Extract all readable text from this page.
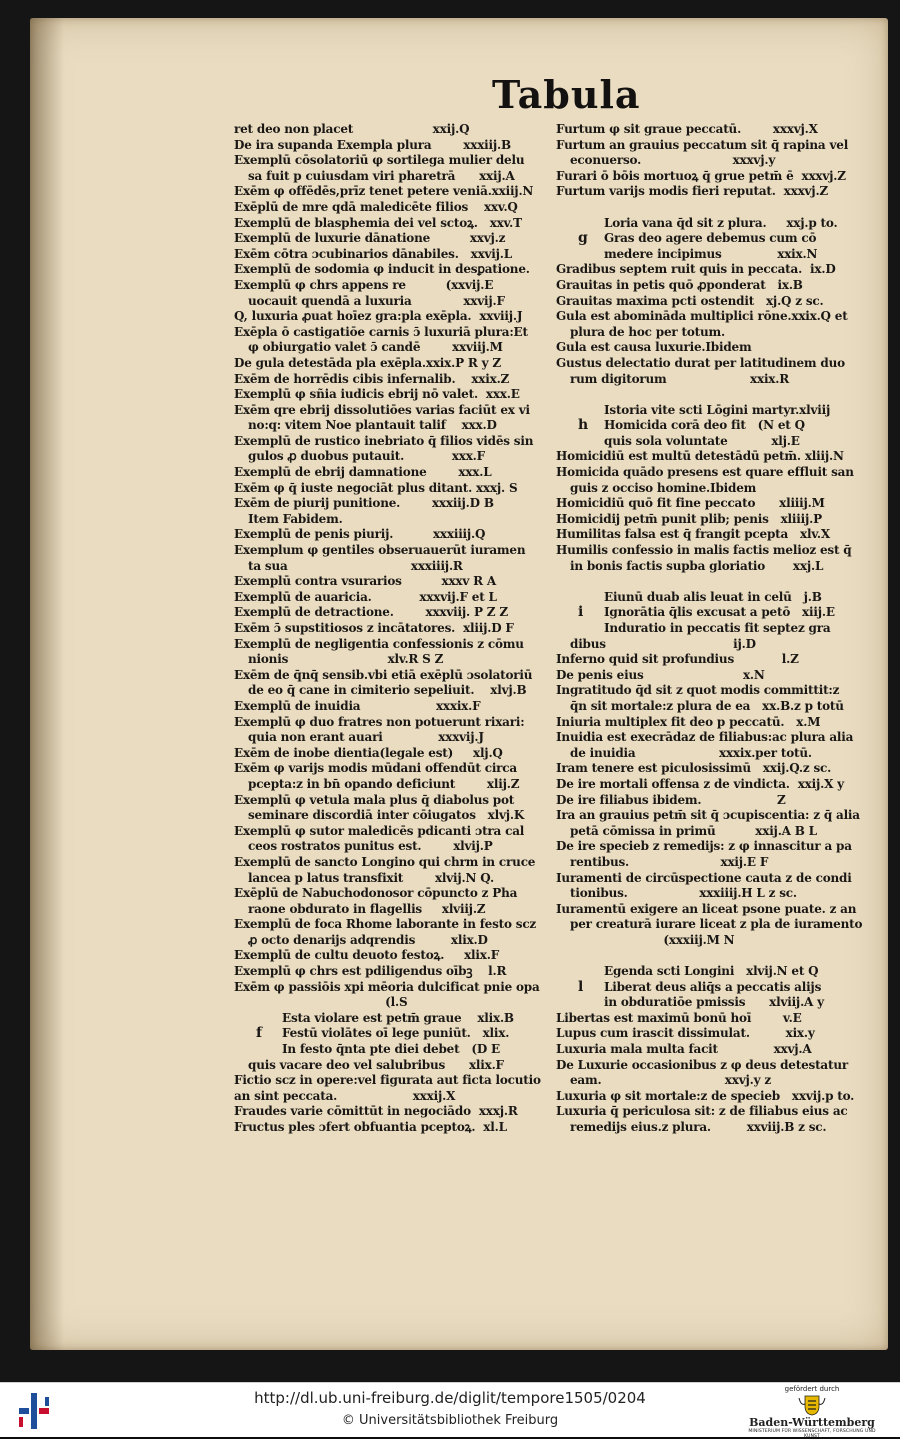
Tabula
ret deo non placet                    xxij.Q
De ira supanda Exempla plura        xxxiij.B
Exemplū cōsolatoriū φ sortilega mulier delu
sa fuit p cuiusdam viri pharetrā      xxij.A
Exēm φ offēdēs,prīz tenet petere veniā.xxiij.N
Exēplū de mre qdā maledicēte filios    xxv.Q
Exemplū de blasphemia dei vel sctoꝝ.   xxv.T
Exemplū de luxurie dānatione          xxvj.z
Exēm cōtra ɔcubinarios dānabiles.   xxvij.L
Exemplū de sodomia φ inducit in desꝑatione.
Exemplū φ chrs appens re          (xxvij.E
uocauit quendā a luxuria             xxvij.F
Q, luxuria ꝓuat hoīez gra:pla exēpla.  xxviij.J
Exēpla ō castigatiōe carnis ɔ̄ luxuriā plura:Et
φ obiurgatio valet ɔ̄ candē        xxviij.M
De gula detestāda pla exēpla.xxix.P R y Z
Exēm de horrēdis cibis infernalib.    xxix.Z
Exemplū φ sñia iudicis ebrij nō valet.  xxx.E
Exēm qre ebrij dissolutiōes varias faciūt ex vi
no:q: vitem Noe plantauit talif    xxx.D
Exemplū de rustico inebriato q̄ filios vidēs sin
gulos ꝓ duobus putauit.            xxx.F
Exemplū de ebrij damnatione        xxx.L
Exēm φ q̄ iuste negociāt plus ditant. xxxj. S
Exēm de piurij punitione.        xxxiij.D B
Item Fabidem.
Exemplū de penis piurij.          xxxiiij.Q
Exemplum φ gentiles obseruauerūt iuramen
ta sua                               xxxiiij.R
Exemplū contra vsurarios          xxxv R A
Exemplū de auaricia.            xxxvij.F et L
Exemplū de detractione.        xxxviij. P Z Z
Exēm ɔ̄ supstitiosos z incātatores.  xliij.D F
Exemplū de negligentia confessionis z cōmu
nionis                         xlv.R S Z
Exēm de q̄nq̄ sensib.vbi etiā exēplū ɔsolatoriū
de eo q̄ cane in cimiterio sepeliuit.    xlvj.B
Exemplū de inuidia                   xxxix.F
Exemplū φ duo fratres non potuerunt rixari:
quia non erant auari              xxxvij.J
Exēm de inobe dientia(legale est)     xlj.Q
Exēm φ varijs modis mūdani offendūt circa
pcepta:z in bn̄ opando deficiunt        xlij.Z
Exemplū φ vetula mala plus q̄ diabolus pot
seminare discordiā inter cōiugatos   xlvj.K
Exemplū φ sutor maledicēs pdicanti ɔtra cal
ceos rostratos punitus est.        xlvij.P
Exemplū de sancto Longino qui chrm in cruce
lancea p latus transfixit        xlvij.N Q.
Exēplū de Nabuchodonosor cōpuncto z Pha
raone obdurato in flagellis     xlviij.Z
Exemplū de foca Rhome laborante in festo scz
ꝓ octo denarijs adqrendis         xlix.D
Exemplū de cultu deuoto festoꝝ.     xlix.F
Exemplū φ chrs est pdiligendus oībꝫ    l.R
Exēm φ passiōis xpi mēoria dulcificat pnie opa
(l.S
Esta violare est petm̄ graue    xlix.B
f Festū violātes oī lege puniūt.   xlix.
In festo q̄nta pte diei debet   (D E
quis vacare deo vel salubribus      xlix.F
Fictio scz in opere:vel figurata aut ficta locutio
an sint peccata.                   xxxij.X
Fraudes varie cōmittūt in negociādo  xxxj.R
Fructus ples ɔfert obfuantia pceptoꝝ.  xl.L
Furtum φ sit graue peccatū.        xxxvj.X
Furtum an grauius peccatum sit q̄ rapina vel
econuerso.                       xxxvj.y
Furari ō bōis mortuoꝝ q̄ grue petm̄ ē  xxxvj.Z
Furtum varijs modis fieri reputat.  xxxvj.Z
Loria vana q̄d sit z plura.     xxj.p to.
g Gras deo agere debemus cum cō
medere incipimus              xxix.N
Gradibus septem ruit quis in peccata.  ix.D
Grauitas in petis quō ꝓponderat   ix.B
Grauitas maxima pcti ostendit   xj.Q z sc.
Gula est abomināda multiplici rōne.xxix.Q et
plura de hoc per totum.
Gula est causa luxurie.Ibidem
Gustus delectatio durat per latitudinem duo
rum digitorum                     xxix.R
Istoria vite scti Lōgini martyr.xlviij
h Homicida corā deo fit   (N et Q
quis sola voluntate           xlj.E
Homicidiū est multū detestādū petm̄. xliij.N
Homicida quādo presens est quare effluit san
guis z occiso homine.Ibidem
Homicidiū quō fit fine peccato      xliiij.M
Homicidij petm̄ punit plib; penis   xliiij.P
Humilitas falsa est q̄ frangit pcepta   xlv.X
Humilis confessio in malis factis melioz est q̄
in bonis factis supba gloriatio       xxj.L
Eiunū duab alis leuat in celū   j.B
i Ignorātia q̄lis excusat a petō   xiij.E
Induratio in peccatis fit septez gra
dibus                                ij.D
Inferno quid sit profundius            l.Z
De penis eius                         x.N
Ingratitudo q̄d sit z quot modis committit:z
q̄n sit mortale:z plura de ea   xx.B.z p totū
Iniuria multiplex fit deo p peccatū.   x.M
Inuidia est execrādaz de filiabus:ac plura alia
de inuidia                     xxxix.per totū.
Iram tenere est piculosissimū   xxij.Q.z sc.
De ire mortali offensa z de vindicta.  xxij.X y
De ire filiabus ibidem.                   Z
Ira an grauius petm̄ sit q̄ ɔcupiscentia: z q̄ alia
petā cōmissa in primū          xxij.A B L
De ire specieb z remedijs: z φ innascitur a pa
rentibus.                       xxij.E F
Iuramenti de circūspectione cauta z de condi
tionibus.                  xxxiiij.H L z sc.
Iuramentū exigere an liceat psone puate. z an
per creaturā iurare liceat z pla de iuramento
(xxxiij.M N
Egenda scti Longini   xlvij.N et Q
l Liberat deus aliq̄s a peccatis alijs
in obduratiōe pmissis      xlviij.A y
Libertas est maximū bonū hoī        v.E
Lupus cum irascit dissimulat.         xix.y
Luxuria mala multa facit              xxvj.A
De Luxurie occasionibus z φ deus detestatur
eam.                               xxvj.y z
Luxuria φ sit mortale:z de specieb   xxvij.p to.
Luxuria q̄ periculosa sit: z de filiabus eius ac
remedijs eius.z plura.         xxviij.B z sc.
http://dl.ub.uni-freiburg.de/diglit/tempore1505/0204
© Universitätsbibliothek Freiburg
gefördert durch
Baden-Württemberg
MINISTERIUM FÜR WISSENSCHAFT, FORSCHUNG UND KUNST
